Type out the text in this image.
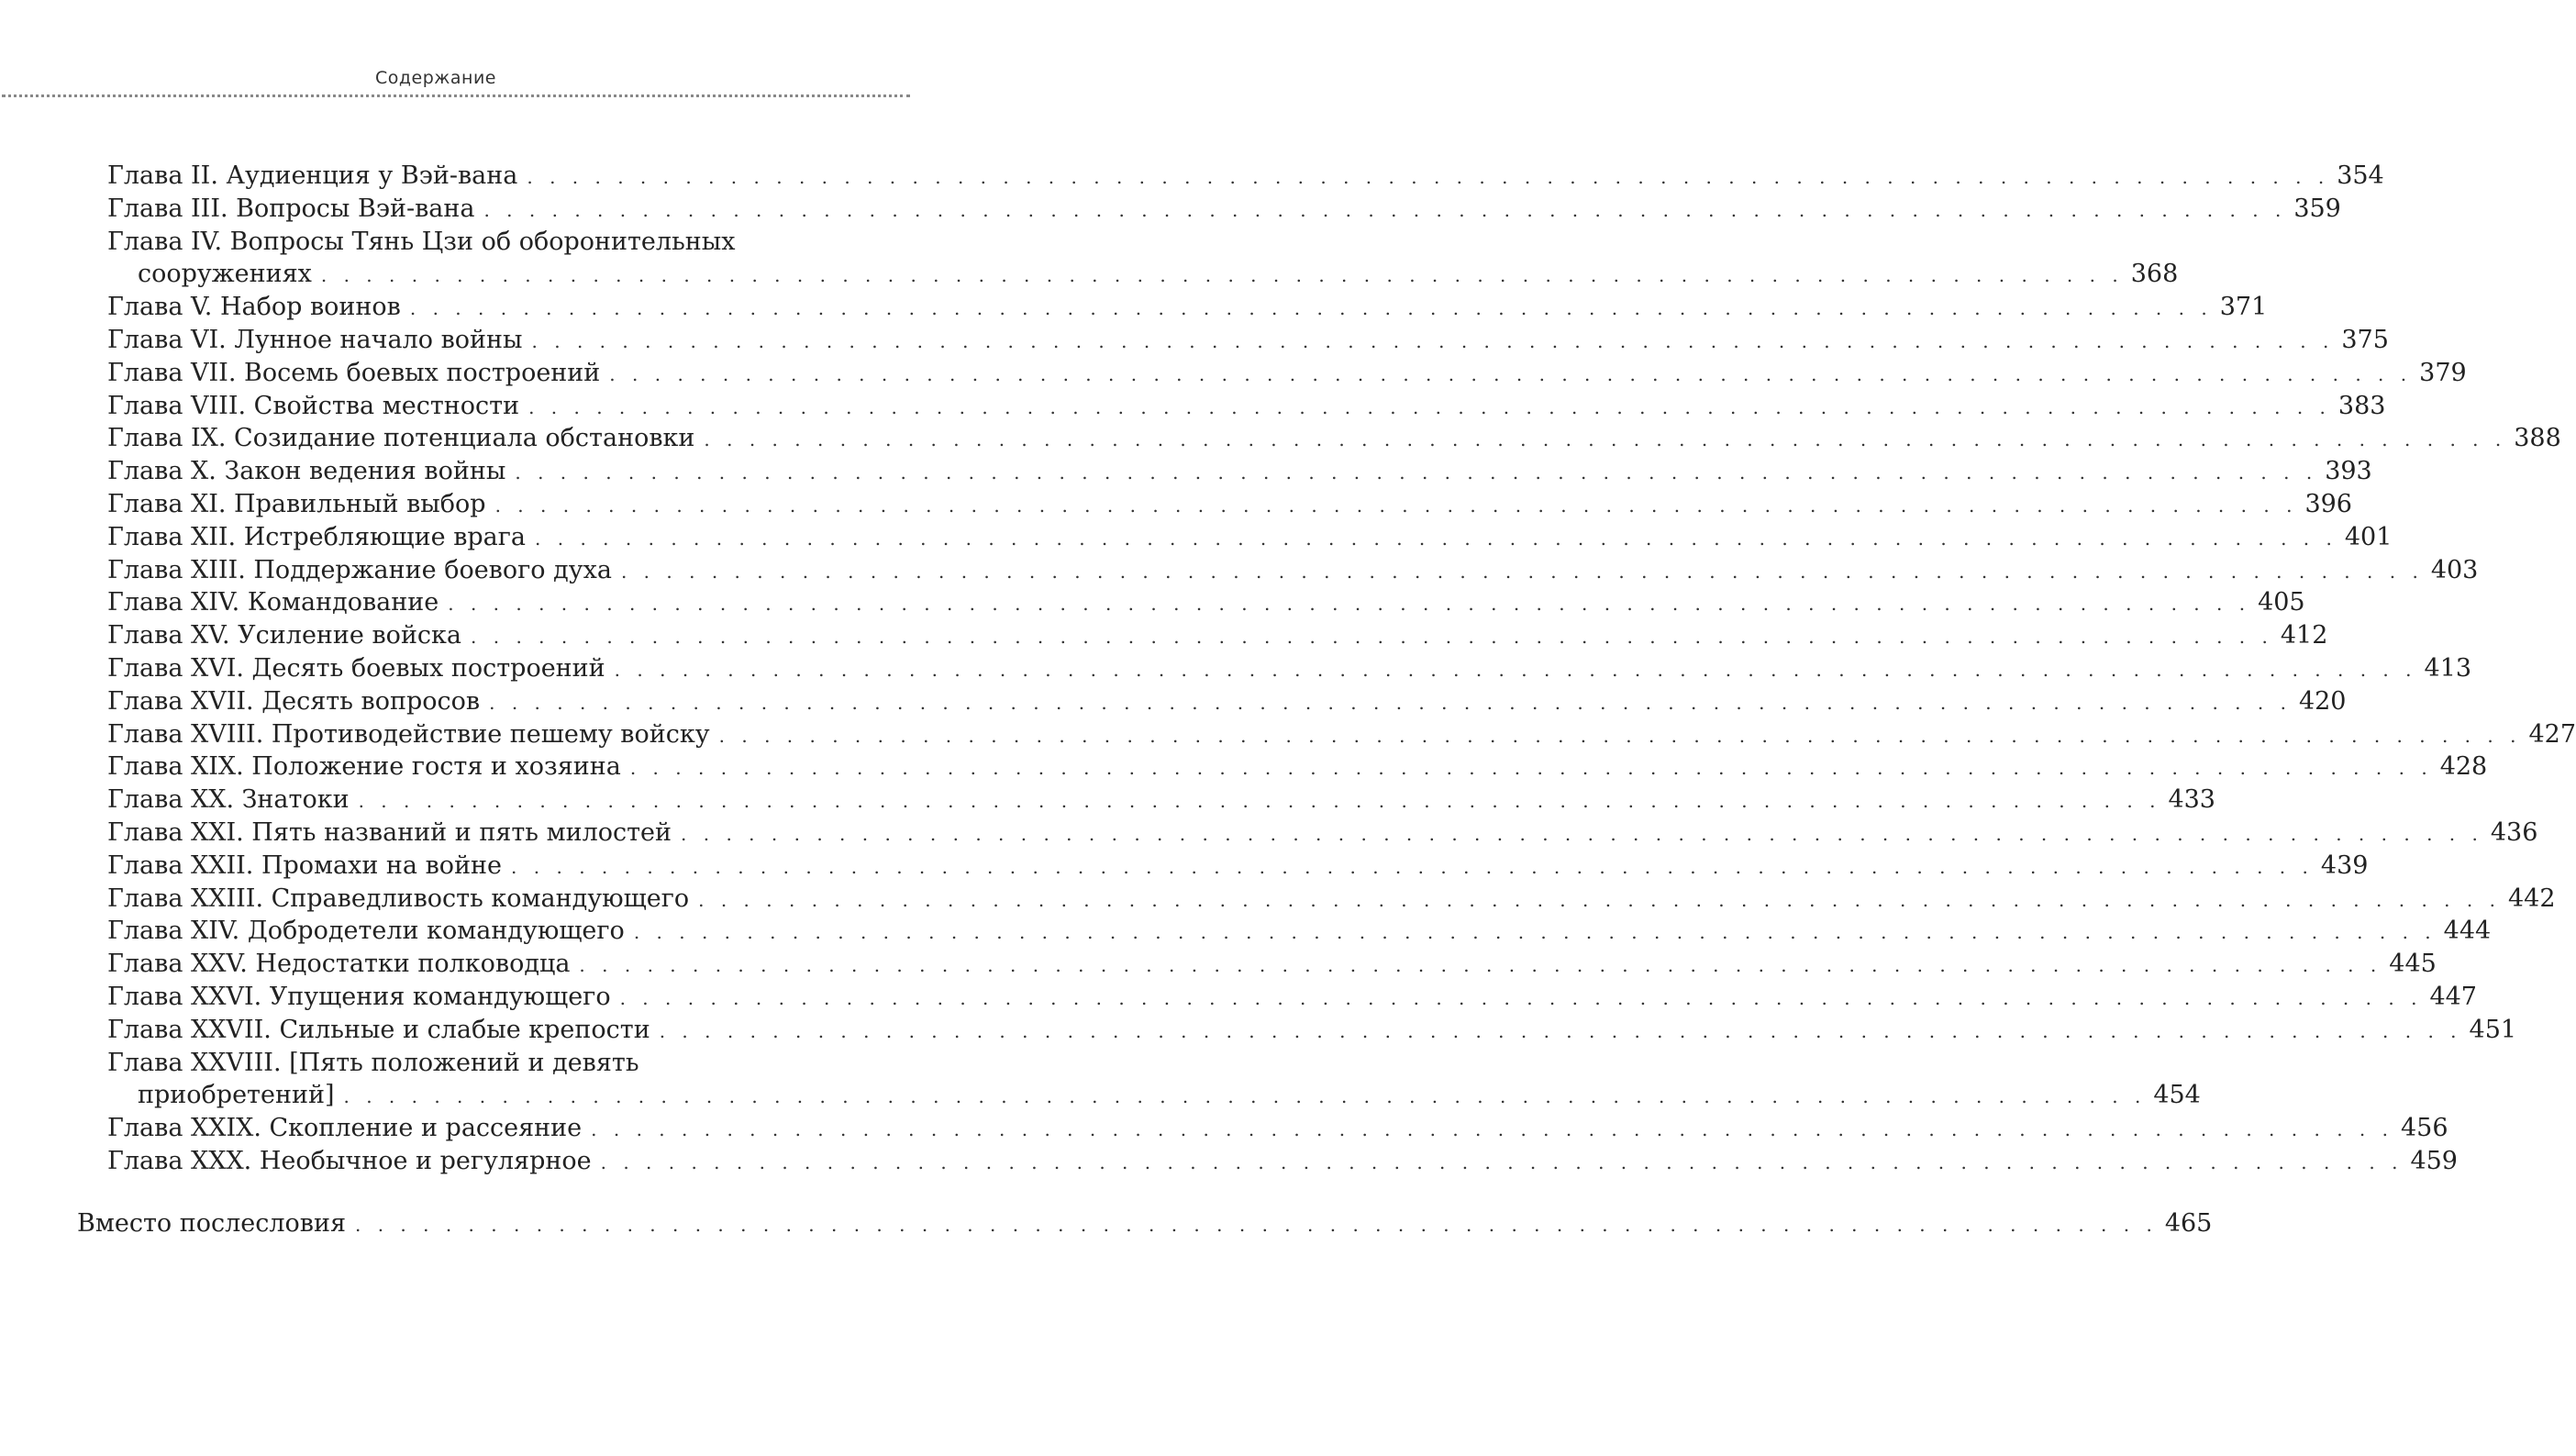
Содержание
Глава II. Аудиенция у Вэй-вана . . . . . . . . . . . . . . . . . . . . . . . . . . . . . . . . . . . . . . . . . . . . . . . . . . . . . . . . . . . . . . . . . . . . . . . . . . . . . . . . 354
Глава III. Вопросы Вэй-вана . . . . . . . . . . . . . . . . . . . . . . . . . . . . . . . . . . . . . . . . . . . . . . . . . . . . . . . . . . . . . . . . . . . . . . . . . . . . . . . . 359
Глава IV. Вопросы Тянь Цзи об оборонительных
сооружениях . . . . . . . . . . . . . . . . . . . . . . . . . . . . . . . . . . . . . . . . . . . . . . . . . . . . . . . . . . . . . . . . . . . . . . . . . . . . . . . . 368
Глава V. Набор воинов . . . . . . . . . . . . . . . . . . . . . . . . . . . . . . . . . . . . . . . . . . . . . . . . . . . . . . . . . . . . . . . . . . . . . . . . . . . . . . . . 371
Глава VI. Лунное начало войны . . . . . . . . . . . . . . . . . . . . . . . . . . . . . . . . . . . . . . . . . . . . . . . . . . . . . . . . . . . . . . . . . . . . . . . . . . . . . . . . 375
Глава VII. Восемь боевых построений . . . . . . . . . . . . . . . . . . . . . . . . . . . . . . . . . . . . . . . . . . . . . . . . . . . . . . . . . . . . . . . . . . . . . . . . . . . . . . . . 379
Глава VIII. Свойства местности . . . . . . . . . . . . . . . . . . . . . . . . . . . . . . . . . . . . . . . . . . . . . . . . . . . . . . . . . . . . . . . . . . . . . . . . . . . . . . . . 383
Глава IX. Созидание потенциала обстановки . . . . . . . . . . . . . . . . . . . . . . . . . . . . . . . . . . . . . . . . . . . . . . . . . . . . . . . . . . . . . . . . . . . . . . . . . . . . . . . . 388
Глава X. Закон ведения войны . . . . . . . . . . . . . . . . . . . . . . . . . . . . . . . . . . . . . . . . . . . . . . . . . . . . . . . . . . . . . . . . . . . . . . . . . . . . . . . . 393
Глава XI. Правильный выбор . . . . . . . . . . . . . . . . . . . . . . . . . . . . . . . . . . . . . . . . . . . . . . . . . . . . . . . . . . . . . . . . . . . . . . . . . . . . . . . . 396
Глава XII. Истребляющие врага . . . . . . . . . . . . . . . . . . . . . . . . . . . . . . . . . . . . . . . . . . . . . . . . . . . . . . . . . . . . . . . . . . . . . . . . . . . . . . . . 401
Глава XIII. Поддержание боевого духа . . . . . . . . . . . . . . . . . . . . . . . . . . . . . . . . . . . . . . . . . . . . . . . . . . . . . . . . . . . . . . . . . . . . . . . . . . . . . . . . 403
Глава XIV. Командование . . . . . . . . . . . . . . . . . . . . . . . . . . . . . . . . . . . . . . . . . . . . . . . . . . . . . . . . . . . . . . . . . . . . . . . . . . . . . . . . 405
Глава XV. Усиление войска . . . . . . . . . . . . . . . . . . . . . . . . . . . . . . . . . . . . . . . . . . . . . . . . . . . . . . . . . . . . . . . . . . . . . . . . . . . . . . . . 412
Глава XVI. Десять боевых построений . . . . . . . . . . . . . . . . . . . . . . . . . . . . . . . . . . . . . . . . . . . . . . . . . . . . . . . . . . . . . . . . . . . . . . . . . . . . . . . . 413
Глава XVII. Десять вопросов . . . . . . . . . . . . . . . . . . . . . . . . . . . . . . . . . . . . . . . . . . . . . . . . . . . . . . . . . . . . . . . . . . . . . . . . . . . . . . . . 420
Глава XVIII. Противодействие пешему войску . . . . . . . . . . . . . . . . . . . . . . . . . . . . . . . . . . . . . . . . . . . . . . . . . . . . . . . . . . . . . . . . . . . . . . . . . . . . . . . . 427
Глава XIX. Положение гостя и хозяина . . . . . . . . . . . . . . . . . . . . . . . . . . . . . . . . . . . . . . . . . . . . . . . . . . . . . . . . . . . . . . . . . . . . . . . . . . . . . . . . 428
Глава XX. Знатоки . . . . . . . . . . . . . . . . . . . . . . . . . . . . . . . . . . . . . . . . . . . . . . . . . . . . . . . . . . . . . . . . . . . . . . . . . . . . . . . . 433
Глава XXI. Пять названий и пять милостей . . . . . . . . . . . . . . . . . . . . . . . . . . . . . . . . . . . . . . . . . . . . . . . . . . . . . . . . . . . . . . . . . . . . . . . . . . . . . . . . 436
Глава XXII. Промахи на войне . . . . . . . . . . . . . . . . . . . . . . . . . . . . . . . . . . . . . . . . . . . . . . . . . . . . . . . . . . . . . . . . . . . . . . . . . . . . . . . . 439
Глава XXIII. Справедливость командующего . . . . . . . . . . . . . . . . . . . . . . . . . . . . . . . . . . . . . . . . . . . . . . . . . . . . . . . . . . . . . . . . . . . . . . . . . . . . . . . . 442
Глава XIV. Добродетели командующего . . . . . . . . . . . . . . . . . . . . . . . . . . . . . . . . . . . . . . . . . . . . . . . . . . . . . . . . . . . . . . . . . . . . . . . . . . . . . . . . 444
Глава XXV. Недостатки полководца . . . . . . . . . . . . . . . . . . . . . . . . . . . . . . . . . . . . . . . . . . . . . . . . . . . . . . . . . . . . . . . . . . . . . . . . . . . . . . . . 445
Глава XXVI. Упущения командующего . . . . . . . . . . . . . . . . . . . . . . . . . . . . . . . . . . . . . . . . . . . . . . . . . . . . . . . . . . . . . . . . . . . . . . . . . . . . . . . . 447
Глава XXVII. Сильные и слабые крепости . . . . . . . . . . . . . . . . . . . . . . . . . . . . . . . . . . . . . . . . . . . . . . . . . . . . . . . . . . . . . . . . . . . . . . . . . . . . . . . . 451
Глава XXVIII. [Пять положений и девять
приобретений] . . . . . . . . . . . . . . . . . . . . . . . . . . . . . . . . . . . . . . . . . . . . . . . . . . . . . . . . . . . . . . . . . . . . . . . . . . . . . . . . 454
Глава XXIX. Скопление и рассеяние . . . . . . . . . . . . . . . . . . . . . . . . . . . . . . . . . . . . . . . . . . . . . . . . . . . . . . . . . . . . . . . . . . . . . . . . . . . . . . . . 456
Глава XXX. Необычное и регулярное . . . . . . . . . . . . . . . . . . . . . . . . . . . . . . . . . . . . . . . . . . . . . . . . . . . . . . . . . . . . . . . . . . . . . . . . . . . . . . . . 459
Вместо послесловия . . . . . . . . . . . . . . . . . . . . . . . . . . . . . . . . . . . . . . . . . . . . . . . . . . . . . . . . . . . . . . . . . . . . . . . . . . . . . . . . 465
